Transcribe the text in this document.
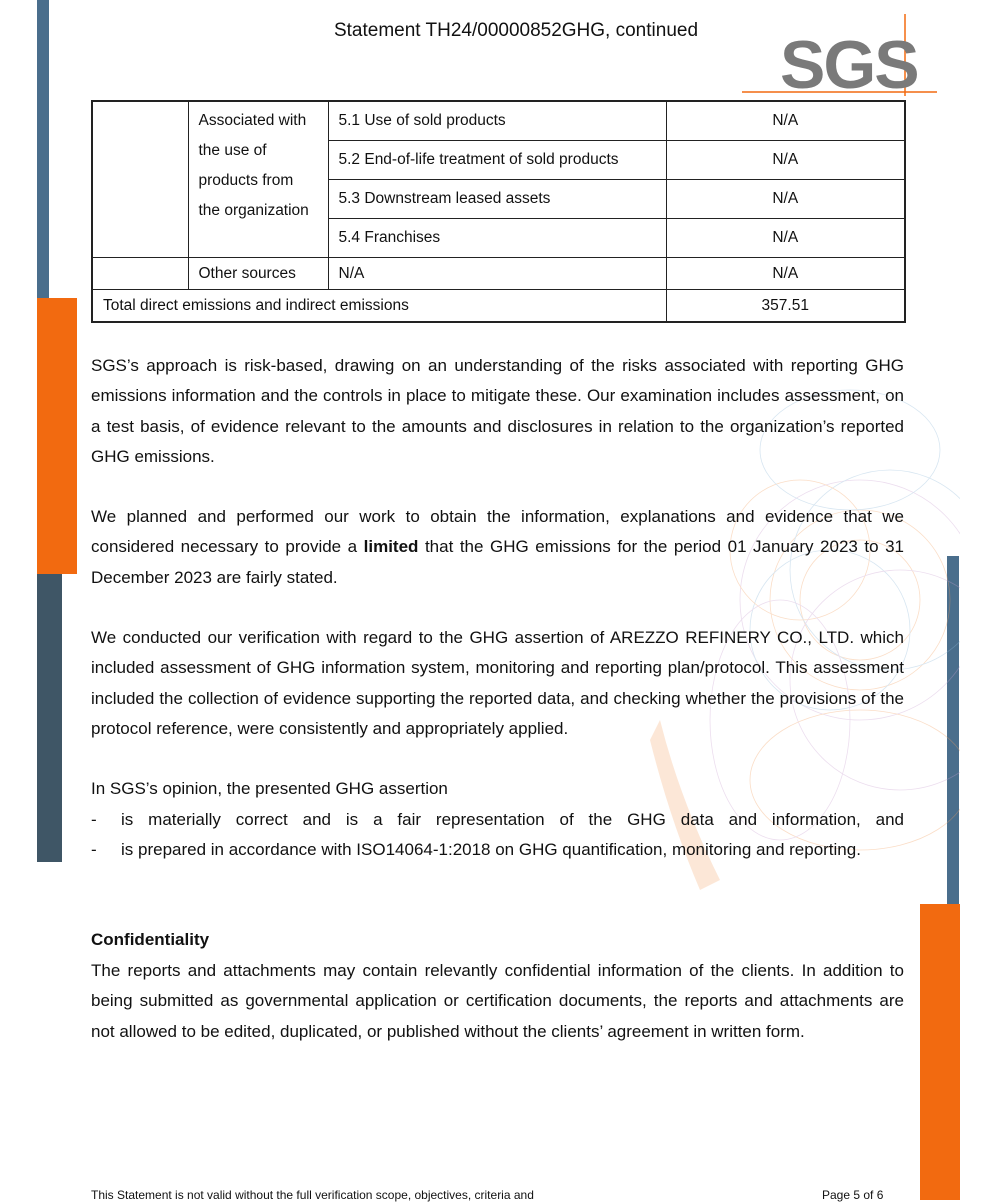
Statement TH24/00000852GHG, continued	SGS
	Associated with the use of products from the organization	5.1 Use of sold products	N/A
		5.2 End-of-life treatment of sold products	N/A
		5.3 Downstream leased assets	N/A
		5.4 Franchises	N/A
	Other sources	N/A	N/A
Total direct emissions and indirect emissions			357.51

SGS’s approach is risk-based, drawing on an understanding of the risks associated with reporting GHG emissions information and the controls in place to mitigate these. Our examination includes assessment, on a test basis, of evidence relevant to the amounts and disclosures in relation to the organization’s reported GHG emissions.

We planned and performed our work to obtain the information, explanations and evidence that we considered necessary to provide a limited that the GHG emissions for the period 01 January 2023 to 31 December 2023 are fairly stated.

We conducted our verification with regard to the GHG assertion of AREZZO REFINERY CO., LTD. which included assessment of GHG information system, monitoring and reporting plan/protocol. This assessment included the collection of evidence supporting the reported data, and checking whether the provisions of the protocol reference, were consistently and appropriately applied.

In SGS’s opinion, the presented GHG assertion

- is materially correct and is a fair representation of the GHG data and information, and
- is prepared in accordance with ISO14064-1:2018 on GHG quantification, monitoring and reporting.
Confidentiality

The reports and attachments may contain relevantly confidential information of the clients. In addition to being submitted as governmental application or certification documents, the reports and attachments are not allowed to be edited, duplicated, or published without the clients’ agreement in written form.

This Statement is not valid without the full verification scope, objectives, criteria and	Page 5 of 6
